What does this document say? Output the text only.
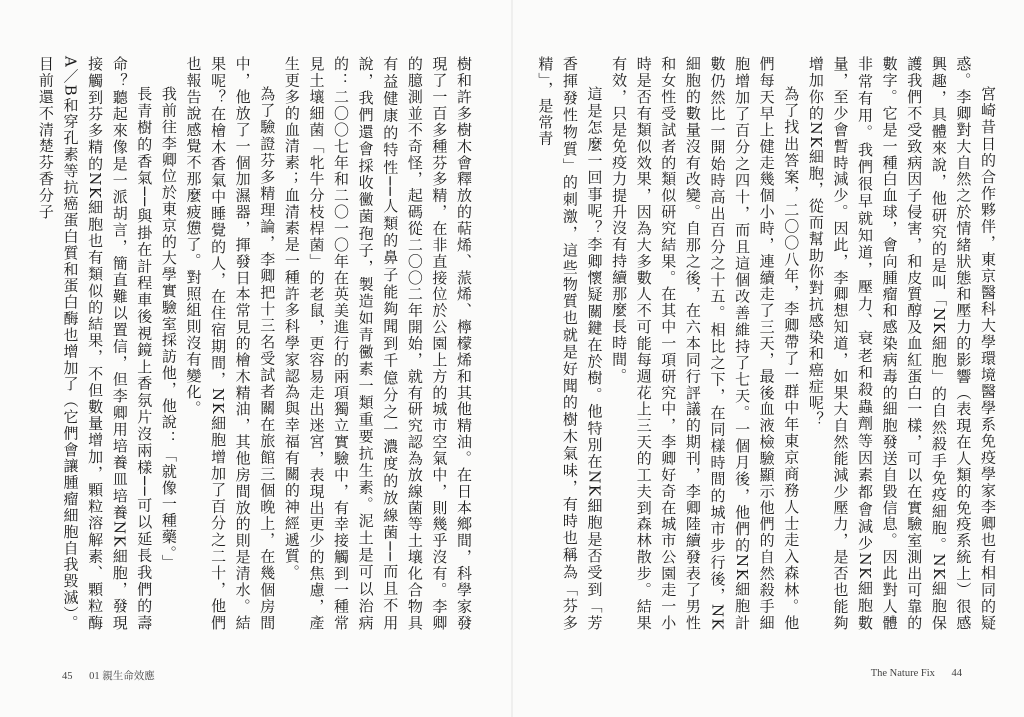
樹和許多樹木會釋放的萜烯、蒎烯、檸檬烯和其他精油。在日本鄉間，科學家發現了一百多種芬多精，在非直接位於公園上方的城市空氣中，則幾乎沒有。李卿的臆測並不奇怪，起碼從二〇〇二年開始，就有研究認為放線菌等土壤化合物具有益健康的特性──人類的鼻子能夠聞到千億分之一濃度的放線菌──而且不用說，我們還會採收黴菌孢子，製造如青黴素一類重要抗生素。泥土是可以治病的：二〇〇七年和二〇一〇年在英美進行的兩項獨立實驗中，有幸接觸到一種常見土壤細菌「牝牛分枝桿菌」的老鼠，更容易走出迷宮，表現出更少的焦慮，產生更多的血清素；血清素是一種許多科學家認為與幸福有關的神經遞質。

為了驗證芬多精理論，李卿把十三名受試者關在旅館三個晚上，在幾個房間中，他放了一個加濕器，揮發日本常見的檜木精油，其他房間放的則是清水。結果呢？在檜木香氣中睡覺的人，在住宿期間，NK細胞增加了百分之二十，他們也報告說感覺不那麼疲憊了。對照組則沒有變化。

我前往李卿位於東京的大學實驗室採訪他，他說：「就像一種藥。」

長青樹的香氣──與掛在計程車後視鏡上香氛片沒兩樣──可以延長我們的壽命？聽起來像是一派胡言，簡直難以置信，但李卿用培養皿培養NK細胞，發現接觸到芬多精的NK細胞也有類似的結果，不但數量增加，顆粒溶解素、顆粒酶A／B和穿孔素等抗癌蛋白質和蛋白酶也增加了（它們會讓腫瘤細胞自我毀滅）。目前還不清楚芬香分子

45 01 親生命效應

宮崎昔日的合作夥伴，東京醫科大學環境醫學系免疫學家李卿也有相同的疑惑。李卿對大自然之於情緒狀態和壓力的影響（表現在人類的免疫系統上）很感興趣，具體來說，他研究的是叫「NK細胞」的自然殺手免疫細胞。NK細胞保護我們不受致病因子侵害，和皮質醇及血紅蛋白一樣，可以在實驗室測出可靠的數字。它是一種白血球，會向腫瘤和感染病毒的細胞發送自毀信息。因此對人體非常有用。我們很早就知道，壓力、衰老和殺蟲劑等因素都會減少NK細胞數量，至少會暫時減少。因此，李卿想知道，如果大自然能減少壓力，是否也能夠增加你的NK細胞，從而幫助你對抗感染和癌症呢？

為了找出答案，二〇〇八年，李卿帶了一群中年東京商務人士走入森林。他們每天早上健走幾個小時，連續走了三天，最後血液檢驗顯示他們的自然殺手細胞增加了百分之四十，而且這個改善維持了七天。一個月後，他們的NK細胞計數仍然比一開始時高出百分之十五。相比之下，在同樣時間的城市步行後，NK細胞的數量沒有改變。自那之後，在六本同行評議的期刊，李卿陸續發表了男性和女性受試者的類似研究結果。在其中一項研究中，李卿好奇在城市公園走一小時是否有類似效果，因為大多數人不可能每週花上三天的工夫到森林散步。結果有效，只是免疫力提升沒有持續那麼長時間。

這是怎麼一回事呢？李卿懷疑關鍵在於樹。他特別在NK細胞是否受到「芳香揮發性物質」的刺激，這些物質也就是好聞的樹木氣味，有時也稱為「芬多精」，是常青

The Nature Fix 44
